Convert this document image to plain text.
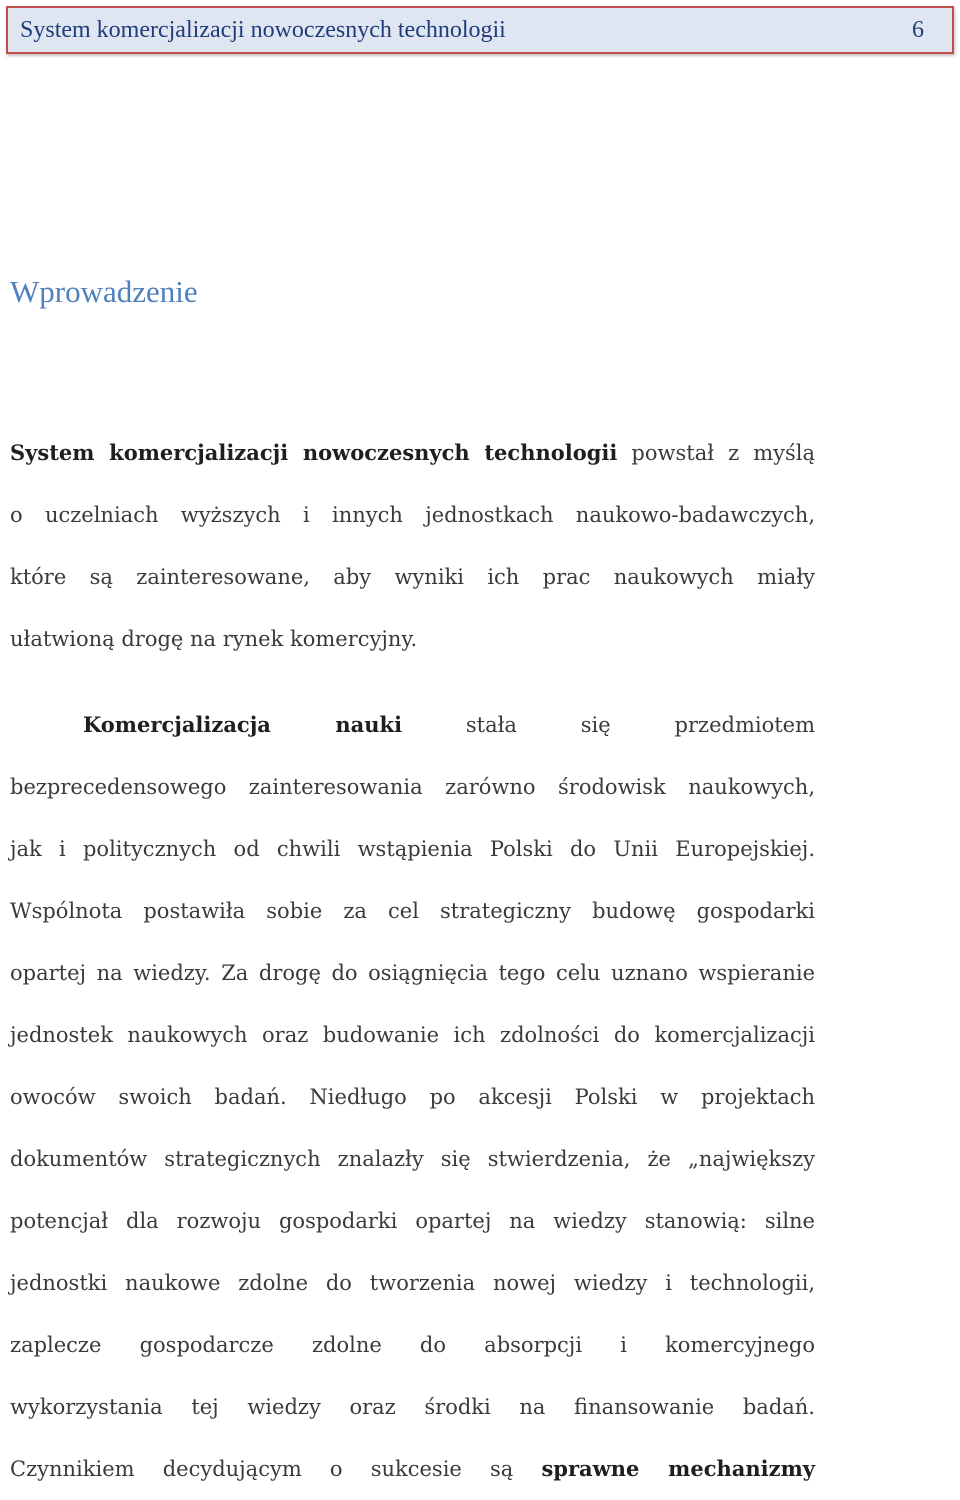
System komercjalizacji nowoczesnych technologii	6
Wprowadzenie
System komercjalizacji nowoczesnych technologii powstał z myślą
o uczelniach wyższych i innych jednostkach naukowo-badawczych,
które są zainteresowane, aby wyniki ich prac naukowych miały
ułatwioną drogę na rynek komercyjny.
Komercjalizacja nauki stała się przedmiotem
bezprecedensowego zainteresowania zarówno środowisk naukowych,
jak i politycznych od chwili wstąpienia Polski do Unii Europejskiej.
Wspólnota postawiła sobie za cel strategiczny budowę gospodarki
opartej na wiedzy. Za drogę do osiągnięcia tego celu uznano wspieranie
jednostek naukowych oraz budowanie ich zdolności do komercjalizacji
owoców swoich badań. Niedługo po akcesji Polski w projektach
dokumentów strategicznych znalazły się stwierdzenia, że „największy
potencjał dla rozwoju gospodarki opartej na wiedzy stanowią: silne
jednostki naukowe zdolne do tworzenia nowej wiedzy i technologii,
zaplecze gospodarcze zdolne do absorpcji i komercyjnego
wykorzystania tej wiedzy oraz środki na finansowanie badań.
Czynnikiem decydującym o sukcesie są sprawne mechanizmy
